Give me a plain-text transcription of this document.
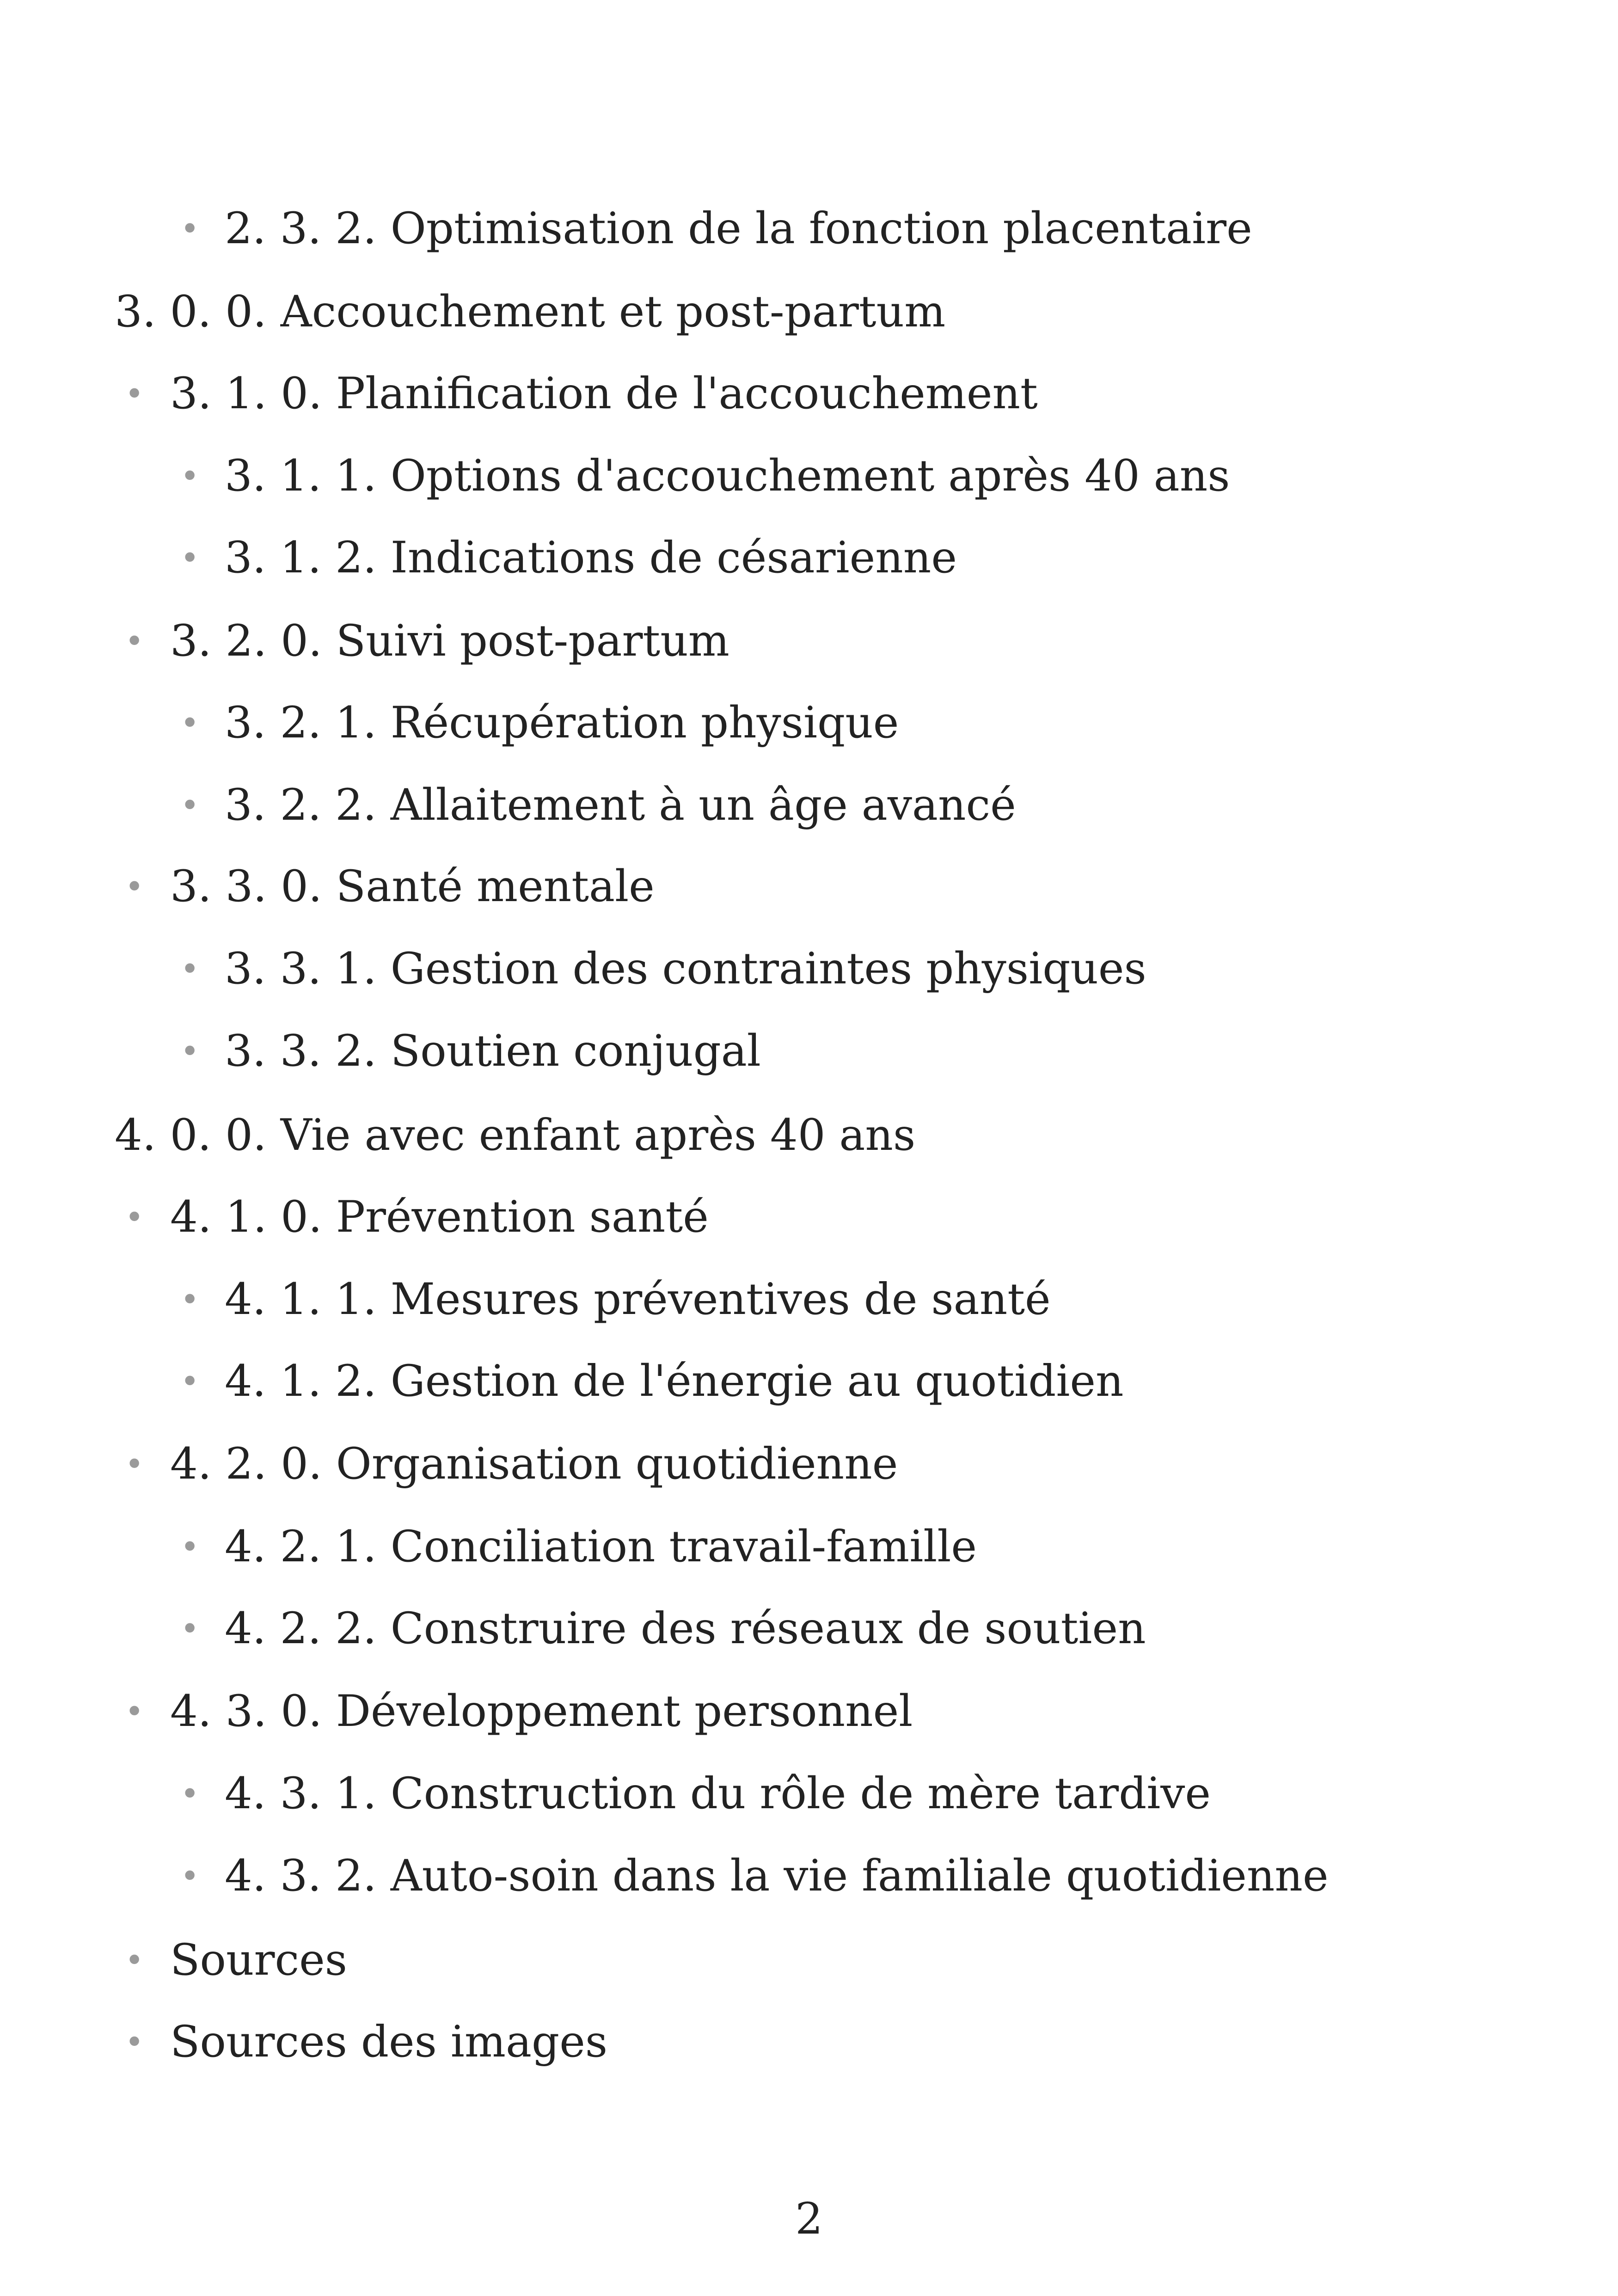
• 2. 3. 2. Optimisation de la fonction placentaire
3. 0. 0. Accouchement et post-partum
• 3. 1. 0. Planification de l'accouchement
• 3. 1. 1. Options d'accouchement après 40 ans
• 3. 1. 2. Indications de césarienne
• 3. 2. 0. Suivi post-partum
• 3. 2. 1. Récupération physique
• 3. 2. 2. Allaitement à un âge avancé
• 3. 3. 0. Santé mentale
• 3. 3. 1. Gestion des contraintes physiques
• 3. 3. 2. Soutien conjugal
4. 0. 0. Vie avec enfant après 40 ans
• 4. 1. 0. Prévention santé
• 4. 1. 1. Mesures préventives de santé
• 4. 1. 2. Gestion de l'énergie au quotidien
• 4. 2. 0. Organisation quotidienne
• 4. 2. 1. Conciliation travail-famille
• 4. 2. 2. Construire des réseaux de soutien
• 4. 3. 0. Développement personnel
• 4. 3. 1. Construction du rôle de mère tardive
• 4. 3. 2. Auto-soin dans la vie familiale quotidienne
• Sources
• Sources des images
2
